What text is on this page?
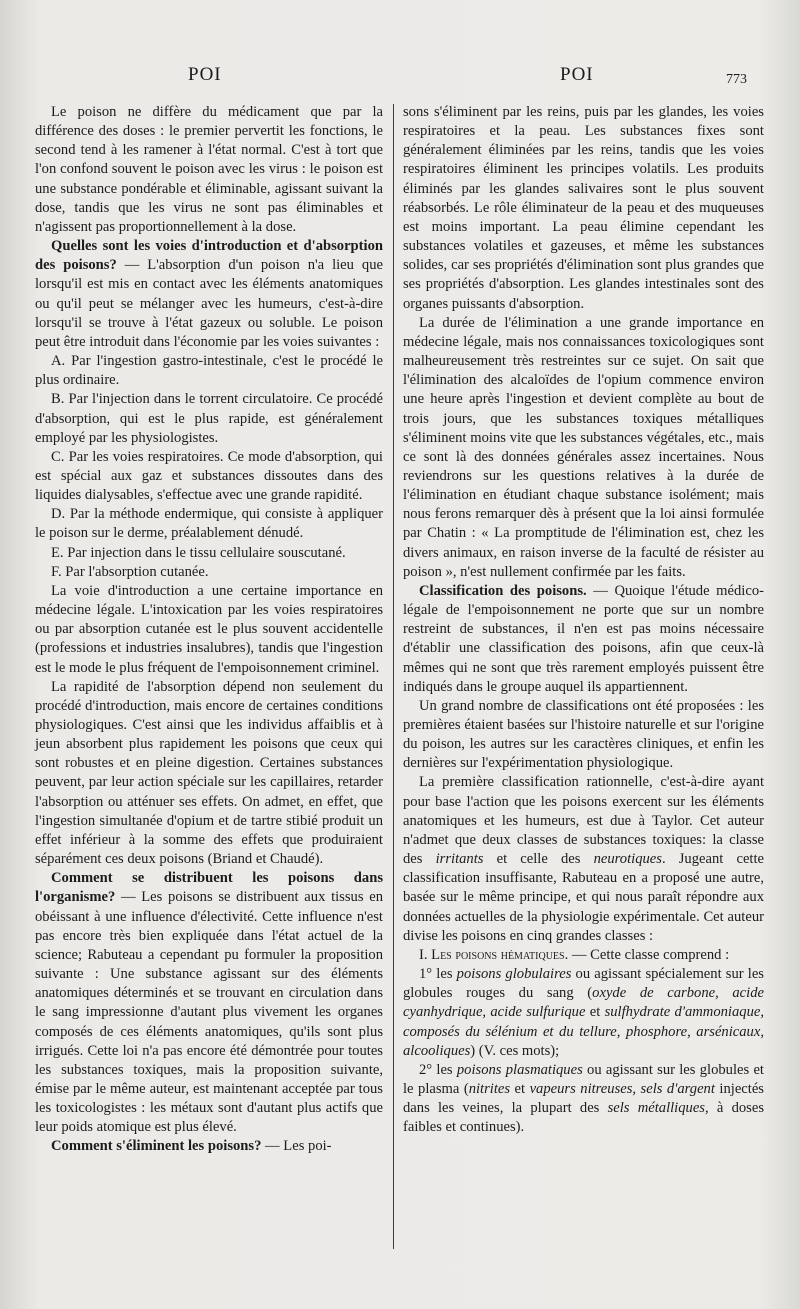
POI	POI	773

Le poison ne diffère du médicament que par la différence des doses : le premier pervertit les fonctions, le second tend à les ramener à l'état normal. C'est à tort que l'on confond souvent le poison avec les virus : le poison est une substance pondérable et éliminable, agissant suivant la dose, tandis que les virus ne sont pas éliminables et n'agissent pas proportionnellement à la dose.

Quelles sont les voies d'introduction et d'absorption des poisons? — L'absorption d'un poison n'a lieu que lorsqu'il est mis en contact avec les éléments anatomiques ou qu'il peut se mélanger avec les humeurs, c'est-à-dire lorsqu'il se trouve à l'état gazeux ou soluble. Le poison peut être introduit dans l'économie par les voies suivantes :

A. Par l'ingestion gastro-intestinale, c'est le procédé le plus ordinaire.

B. Par l'injection dans le torrent circulatoire. Ce procédé d'absorption, qui est le plus rapide, est généralement employé par les physiologistes.

C. Par les voies respiratoires. Ce mode d'absorption, qui est spécial aux gaz et substances dissoutes dans des liquides dialysables, s'effectue avec une grande rapidité.

D. Par la méthode endermique, qui consiste à appliquer le poison sur le derme, préalablement dénudé.

E. Par injection dans le tissu cellulaire souscutané.

F. Par l'absorption cutanée.

La voie d'introduction a une certaine importance en médecine légale. L'intoxication par les voies respiratoires ou par absorption cutanée est le plus souvent accidentelle (professions et industries insalubres), tandis que l'ingestion est le mode le plus fréquent de l'empoisonnement criminel.

La rapidité de l'absorption dépend non seulement du procédé d'introduction, mais encore de certaines conditions physiologiques. C'est ainsi que les individus affaiblis et à jeun absorbent plus rapidement les poisons que ceux qui sont robustes et en pleine digestion. Certaines substances peuvent, par leur action spéciale sur les capillaires, retarder l'absorption ou atténuer ses effets. On admet, en effet, que l'ingestion simultanée d'opium et de tartre stibié produit un effet inférieur à la somme des effets que produiraient séparément ces deux poisons (Briand et Chaudé).

Comment se distribuent les poisons dans l'organisme? — Les poisons se distribuent aux tissus en obéissant à une influence d'électivité. Cette influence n'est pas encore très bien expliquée dans l'état actuel de la science; Rabuteau a cependant pu formuler la proposition suivante : Une substance agissant sur des éléments anatomiques déterminés et se trouvant en circulation dans le sang impressionne d'autant plus vivement les organes composés de ces éléments anatomiques, qu'ils sont plus irrigués. Cette loi n'a pas encore été démontrée pour toutes les substances toxiques, mais la proposition suivante, émise par le même auteur, est maintenant acceptée par tous les toxicologistes : les métaux sont d'autant plus actifs que leur poids atomique est plus élevé.

Comment s'éliminent les poisons? — Les poi-

sons s'éliminent par les reins, puis par les glandes, les voies respiratoires et la peau. Les substances fixes sont généralement éliminées par les reins, tandis que les voies respiratoires éliminent les principes volatils. Les produits éliminés par les glandes salivaires sont le plus souvent réabsorbés. Le rôle éliminateur de la peau et des muqueuses est moins important. La peau élimine cependant les substances volatiles et gazeuses, et même les substances solides, car ses propriétés d'élimination sont plus grandes que ses propriétés d'absorption. Les glandes intestinales sont des organes puissants d'absorption.

La durée de l'élimination a une grande importance en médecine légale, mais nos connaissances toxicologiques sont malheureusement très restreintes sur ce sujet. On sait que l'élimination des alcaloïdes de l'opium commence environ une heure après l'ingestion et devient complète au bout de trois jours, que les substances toxiques métalliques s'éliminent moins vite que les substances végétales, etc., mais ce sont là des données générales assez incertaines. Nous reviendrons sur les questions relatives à la durée de l'élimination en étudiant chaque substance isolément; mais nous ferons remarquer dès à présent que la loi ainsi formulée par Chatin : « La promptitude de l'élimination est, chez les divers animaux, en raison inverse de la faculté de résister au poison », n'est nullement confirmée par les faits.

Classification des poisons. — Quoique l'étude médico-légale de l'empoisonnement ne porte que sur un nombre restreint de substances, il n'en est pas moins nécessaire d'établir une classification des poisons, afin que ceux-là mêmes qui ne sont que très rarement employés puissent être indiqués dans le groupe auquel ils appartiennent.

Un grand nombre de classifications ont été proposées : les premières étaient basées sur l'histoire naturelle et sur l'origine du poison, les autres sur les caractères cliniques, et enfin les dernières sur l'expérimentation physiologique.

La première classification rationnelle, c'est-à-dire ayant pour base l'action que les poisons exercent sur les éléments anatomiques et les humeurs, est due à Taylor. Cet auteur n'admet que deux classes de substances toxiques: la classe des irritants et celle des neurotiques. Jugeant cette classification insuffisante, Rabuteau en a proposé une autre, basée sur le même principe, et qui nous paraît répondre aux données actuelles de la physiologie expérimentale. Cet auteur divise les poisons en cinq grandes classes :

I. Les poisons hématiques. — Cette classe comprend :

1° les poisons globulaires ou agissant spécialement sur les globules rouges du sang (oxyde de carbone, acide cyanhydrique, acide sulfurique et sulfhydrate d'ammoniaque, composés du sélénium et du tellure, phosphore, arsénicaux, alcooliques) (V. ces mots);

2° les poisons plasmatiques ou agissant sur les globules et le plasma (nitrites et vapeurs nitreuses, sels d'argent injectés dans les veines, la plupart des sels métalliques, à doses faibles et continues).
